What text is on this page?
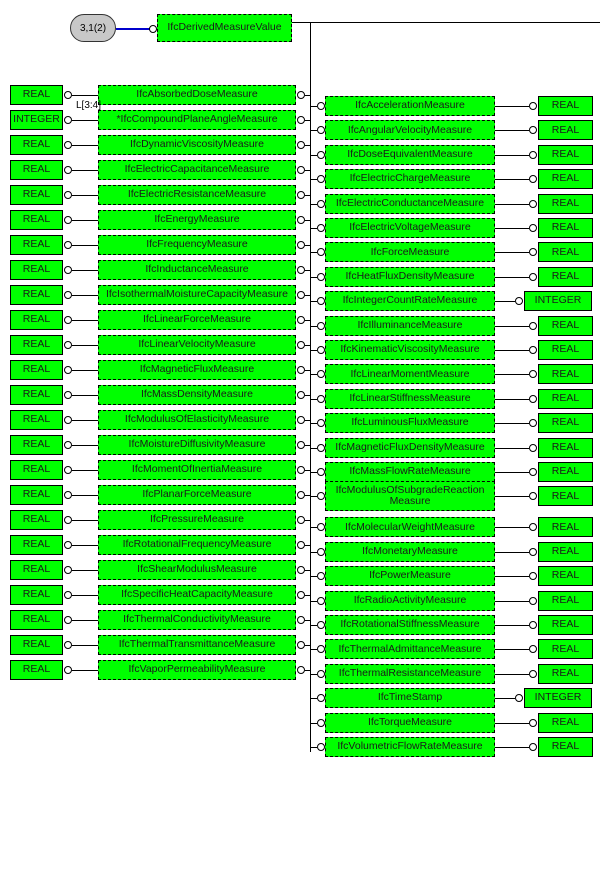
3,1(2)	IfcDerivedMeasureValue
REAL	IfcAbsorbedDoseMeasure
INTEGER	*IfcCompoundPlaneAngleMeasure
L[3:4]
REAL	IfcDynamicViscosityMeasure
REAL	IfcElectricCapacitanceMeasure
REAL	IfcElectricResistanceMeasure
REAL	IfcEnergyMeasure
REAL	IfcFrequencyMeasure
REAL	IfcInductanceMeasure
REAL	IfcIsothermalMoistureCapacityMeasure
REAL	IfcLinearForceMeasure
REAL	IfcLinearVelocityMeasure
REAL	IfcMagneticFluxMeasure
REAL	IfcMassDensityMeasure
REAL	IfcModulusOfElasticityMeasure
REAL	IfcMoistureDiffusivityMeasure
REAL	IfcMomentOfInertiaMeasure
REAL	IfcPlanarForceMeasure
REAL	IfcPressureMeasure
REAL	IfcRotationalFrequencyMeasure
REAL	IfcShearModulusMeasure
REAL	IfcSpecificHeatCapacityMeasure
REAL	IfcThermalConductivityMeasure
REAL	IfcThermalTransmittanceMeasure
REAL	IfcVaporPermeabilityMeasure
IfcAccelerationMeasure	REAL
IfcAngularVelocityMeasure	REAL
IfcDoseEquivalentMeasure	REAL
IfcElectricChargeMeasure	REAL
IfcElectricConductanceMeasure	REAL
IfcElectricVoltageMeasure	REAL
IfcForceMeasure	REAL
IfcHeatFluxDensityMeasure	REAL
IfcIntegerCountRateMeasure	INTEGER
IfcIlluminanceMeasure	REAL
IfcKinematicViscosityMeasure	REAL
IfcLinearMomentMeasure	REAL
IfcLinearStiffnessMeasure	REAL
IfcLuminousFluxMeasure	REAL
IfcMagneticFluxDensityMeasure	REAL
IfcMassFlowRateMeasure	REAL
IfcModulusOfSubgradeReaction Measure	REAL
IfcMolecularWeightMeasure	REAL
IfcMonetaryMeasure	REAL
IfcPowerMeasure	REAL
IfcRadioActivityMeasure	REAL
IfcRotationalStiffnessMeasure	REAL
IfcThermalAdmittanceMeasure	REAL
IfcThermalResistanceMeasure	REAL
IfcTimeStamp	INTEGER
IfcTorqueMeasure	REAL
IfcVolumetricFlowRateMeasure	REAL
